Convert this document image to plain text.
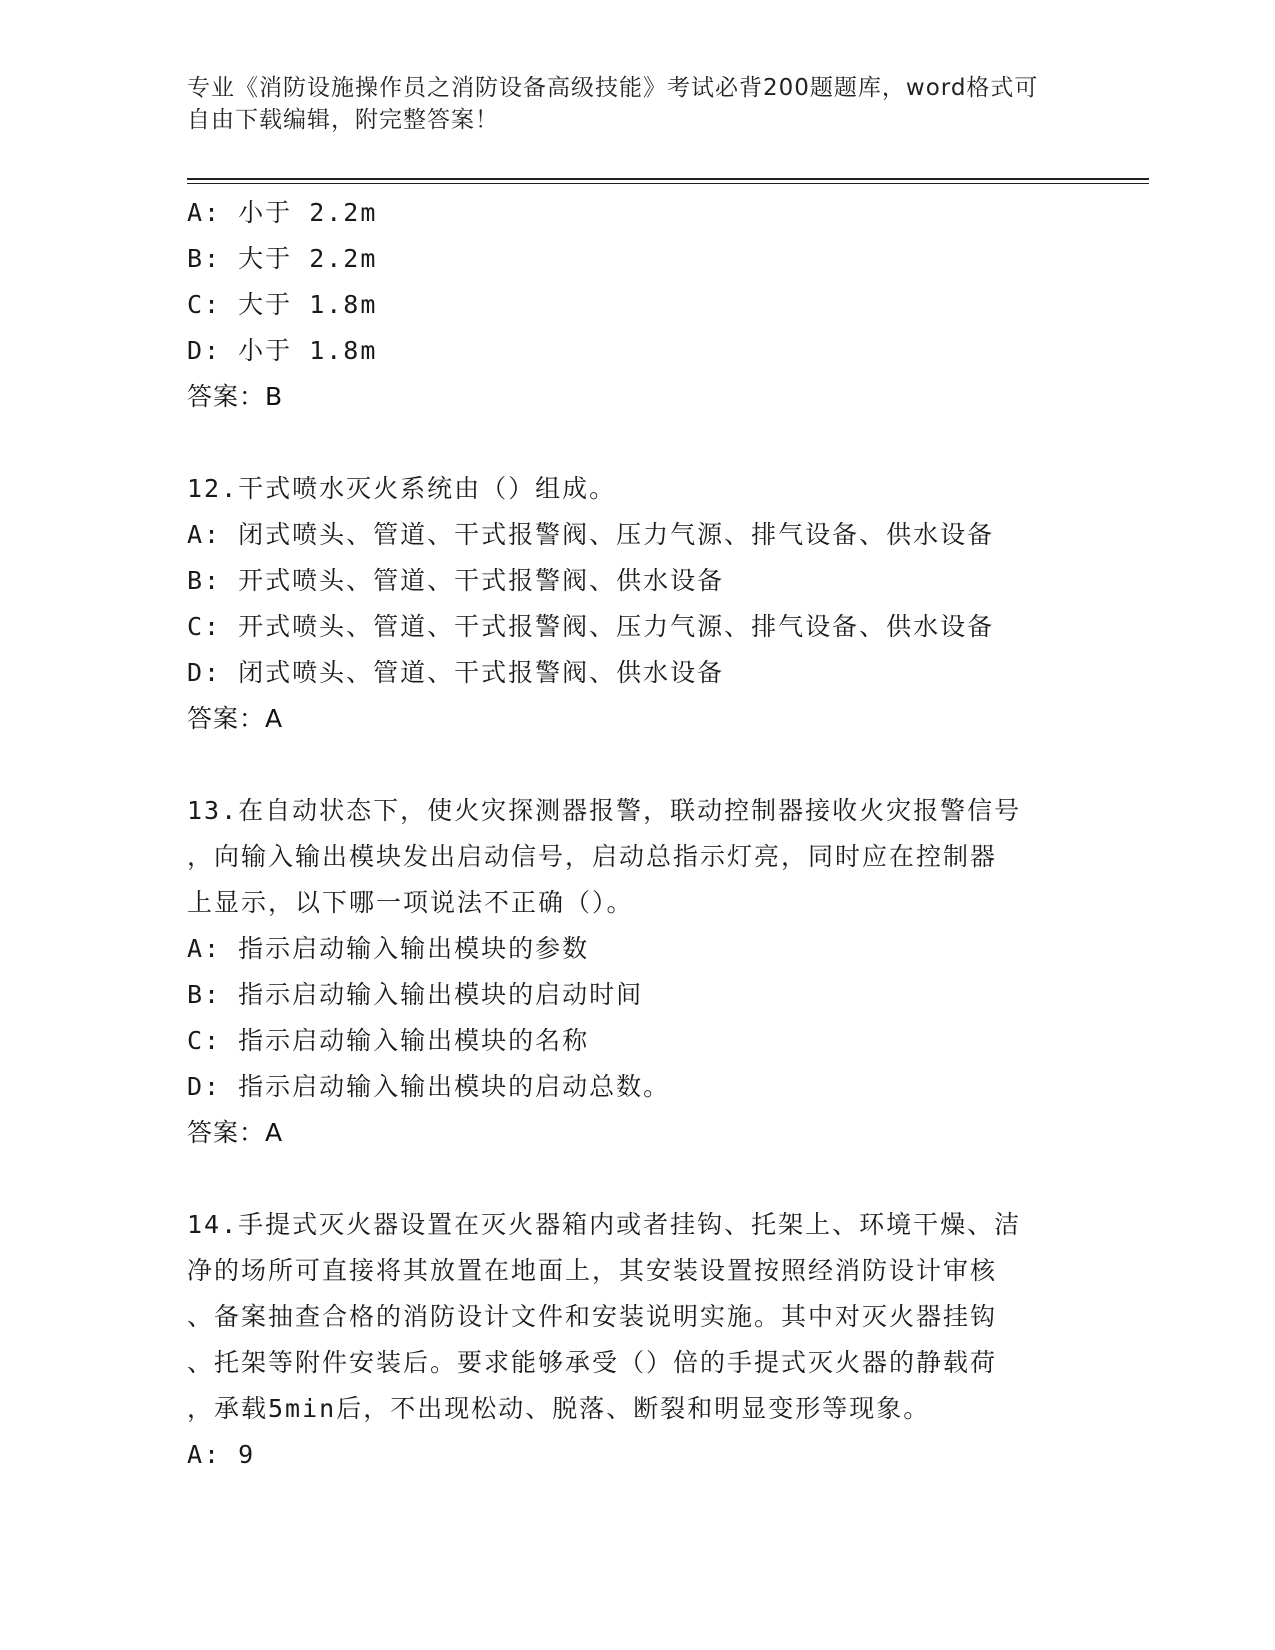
专业《消防设施操作员之消防设备高级技能》考试必背200题题库，word格式可
自由下载编辑，附完整答案！
A: 小于 2.2m
B: 大于 2.2m
C: 大于 1.8m
D: 小于 1.8m
答案：B
12.干式喷水灭火系统由（）组成。
A: 闭式喷头、管道、干式报警阀、压力气源、排气设备、供水设备
B: 开式喷头、管道、干式报警阀、供水设备
C: 开式喷头、管道、干式报警阀、压力气源、排气设备、供水设备
D: 闭式喷头、管道、干式报警阀、供水设备
答案：A
13.在自动状态下，使火灾探测器报警，联动控制器接收火灾报警信号
，向输入输出模块发出启动信号，启动总指示灯亮，同时应在控制器
上显示，以下哪一项说法不正确（）。
A: 指示启动输入输出模块的参数
B: 指示启动输入输出模块的启动时间
C: 指示启动输入输出模块的名称
D: 指示启动输入输出模块的启动总数。
答案：A
14.手提式灭火器设置在灭火器箱内或者挂钩、托架上、环境干燥、洁
净的场所可直接将其放置在地面上，其安装设置按照经消防设计审核
、备案抽查合格的消防设计文件和安装说明实施。其中对灭火器挂钩
、托架等附件安装后。要求能够承受（）倍的手提式灭火器的静载荷
，承载5min后，不出现松动、脱落、断裂和明显变形等现象。
A: 9
